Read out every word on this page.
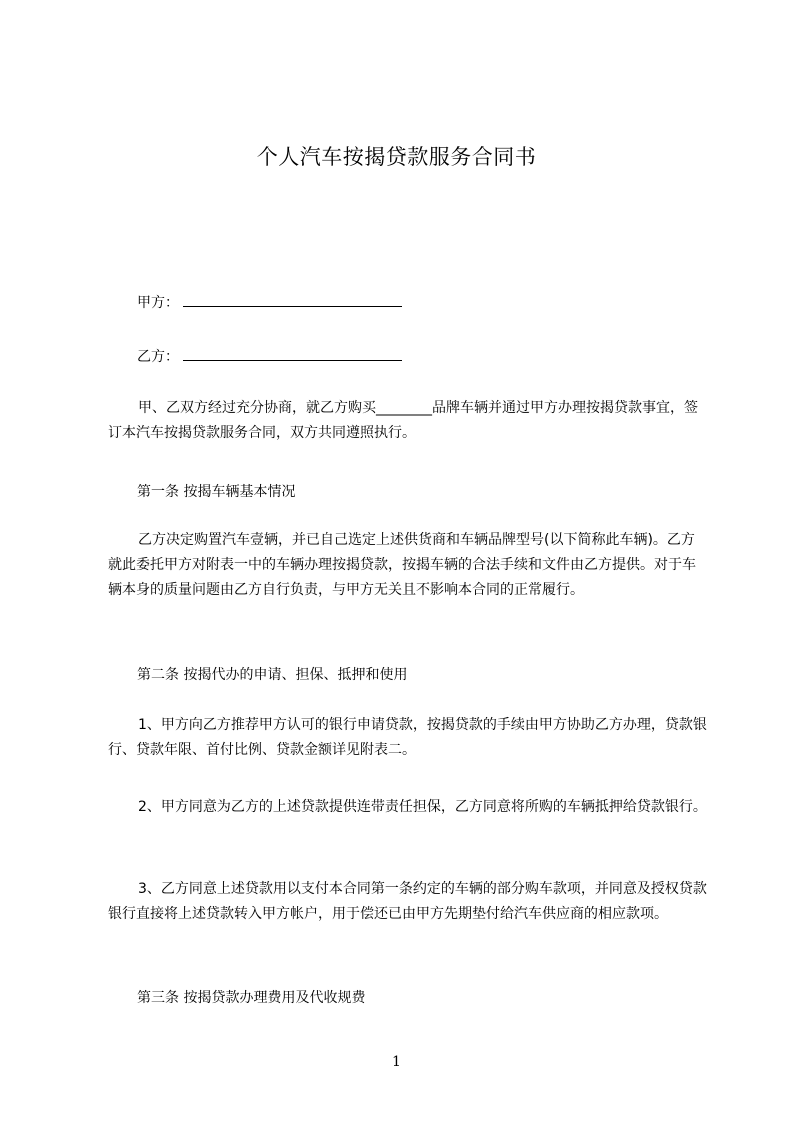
个人汽车按揭贷款服务合同书
甲方：
乙方：

甲、乙双方经过充分协商，就乙方购买________品牌车辆并通过甲方办理按揭贷款事宜，签订本汽车按揭贷款服务合同，双方共同遵照执行。

第一条 按揭车辆基本情况

乙方决定购置汽车壹辆，并已自己选定上述供货商和车辆品牌型号(以下简称此车辆)。乙方就此委托甲方对附表一中的车辆办理按揭贷款，按揭车辆的合法手续和文件由乙方提供。对于车辆本身的质量问题由乙方自行负责，与甲方无关且不影响本合同的正常履行。

第二条 按揭代办的申请、担保、抵押和使用

1、甲方向乙方推荐甲方认可的银行申请贷款，按揭贷款的手续由甲方协助乙方办理，贷款银行、贷款年限、首付比例、贷款金额详见附表二。

2、甲方同意为乙方的上述贷款提供连带责任担保，乙方同意将所购的车辆抵押给贷款银行。

3、乙方同意上述贷款用以支付本合同第一条约定的车辆的部分购车款项，并同意及授权贷款银行直接将上述贷款转入甲方帐户，用于偿还已由甲方先期垫付给汽车供应商的相应款项。

第三条 按揭贷款办理费用及代收规费
1
